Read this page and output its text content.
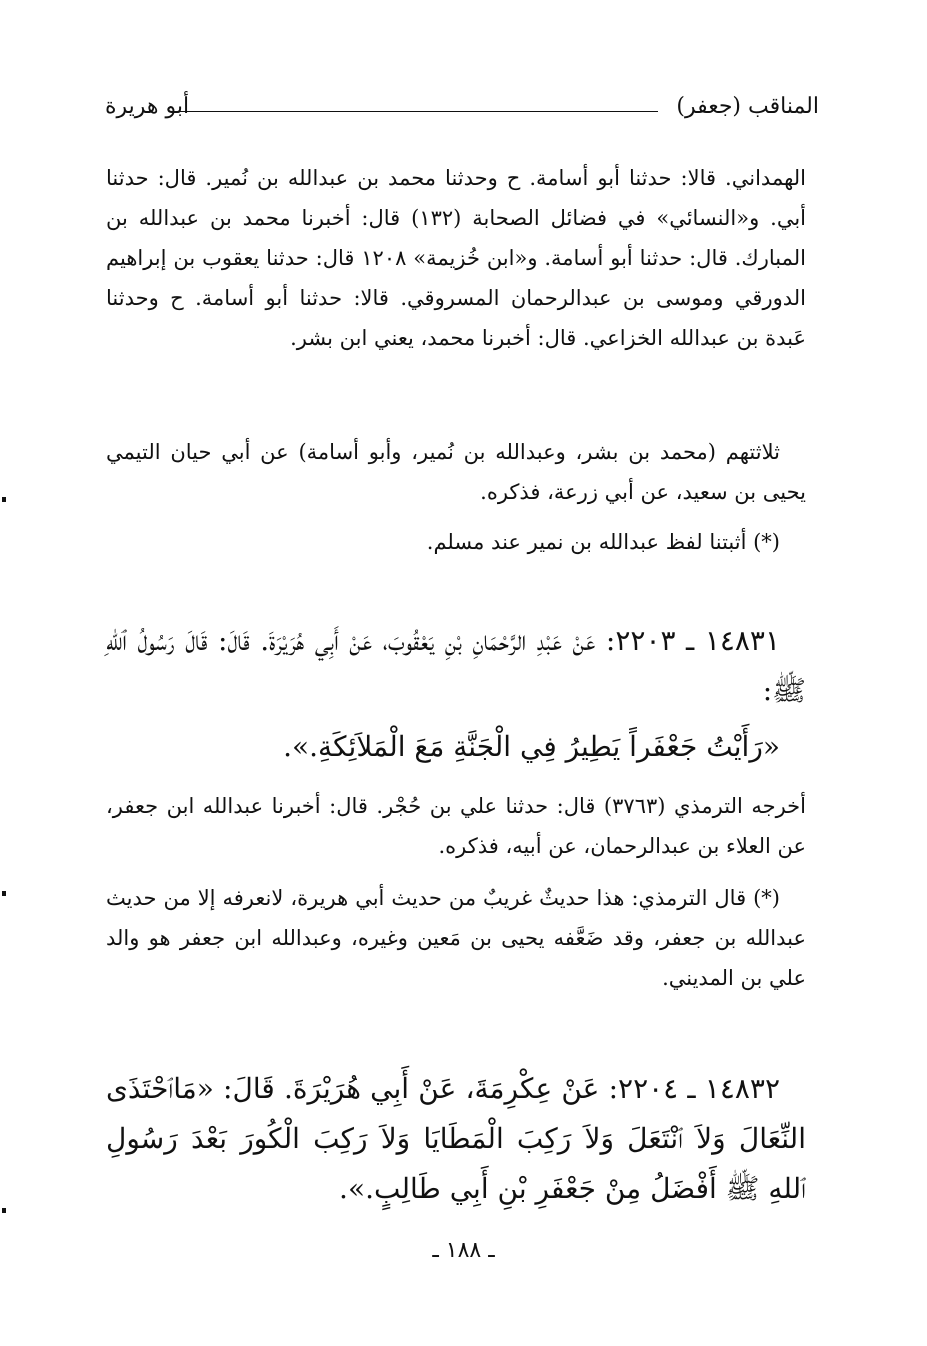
أبو هريرة	المناقب (جعفر)

الهمداني. قالا: حدثنا أبو أسامة. ح وحدثنا محمد بن عبدالله بن نُمير. قال: حدثنا أبي. و«النسائي» في فضائل الصحابة (١٣٢) قال: أخبرنا محمد بن عبدالله بن المبارك. قال: حدثنا أبو أسامة. و«ابن خُزيمة» ١٢٠٨ قال: حدثنا يعقوب بن إبراهيم الدورقي وموسى بن عبدالرحمان المسروقي. قالا: حدثنا أبو أسامة. ح وحدثنا عَبدة بن عبدالله الخزاعي. قال: أخبرنا محمد، يعني ابن بشر.

ثلاثتهم (محمد بن بشر، وعبدالله بن نُمير، وأبو أسامة) عن أبي حيان التيمي يحيى بن سعيد، عن أبي زرعة، فذكره.

(*) أثبتنا لفظ عبدالله بن نمير عند مسلم.

١٤٨٣١ ـ ٢٢٠٣: عَنْ عَبْدِ الرَّحْمَانِ بْنِ يَعْقُوبَ، عَنْ أَبِي هُرَيْرَةَ. قَالَ: قَالَ رَسُولُ ٱللهِ ﷺ:

«رَأَيْتُ جَعْفَراً يَطِيرُ فِي الْجَنَّةِ مَعَ الْمَلاَئِكَةِ.».

أخرجه الترمذي (٣٧٦٣) قال: حدثنا علي بن حُجْر. قال: أخبرنا عبدالله ابن جعفر، عن العلاء بن عبدالرحمان، عن أبيه، فذكره.

(*) قال الترمذي: هذا حديثٌ غريبٌ من حديث أبي هريرة، لانعرفه إلا من حديث عبدالله بن جعفر، وقد ضَعَّفه يحيى بن مَعين وغيره، وعبدالله ابن جعفر هو والد علي بن المديني.

١٤٨٣٢ ـ ٢٢٠٤: عَنْ عِكْرِمَةَ، عَنْ أَبِي هُرَيْرَةَ. قَالَ: «مَاٱحْتَذَى النِّعَالَ وَلاَ ٱنْتَعَلَ وَلاَ رَكِبَ الْمَطَايَا وَلاَ رَكِبَ الْكُورَ بَعْدَ رَسُولِ ٱللهِ ﷺ أَفْضَلُ مِنْ جَعْفَرِ بْنِ أَبِي طَالِبٍ.».

ـ ١٨٨ ـ
